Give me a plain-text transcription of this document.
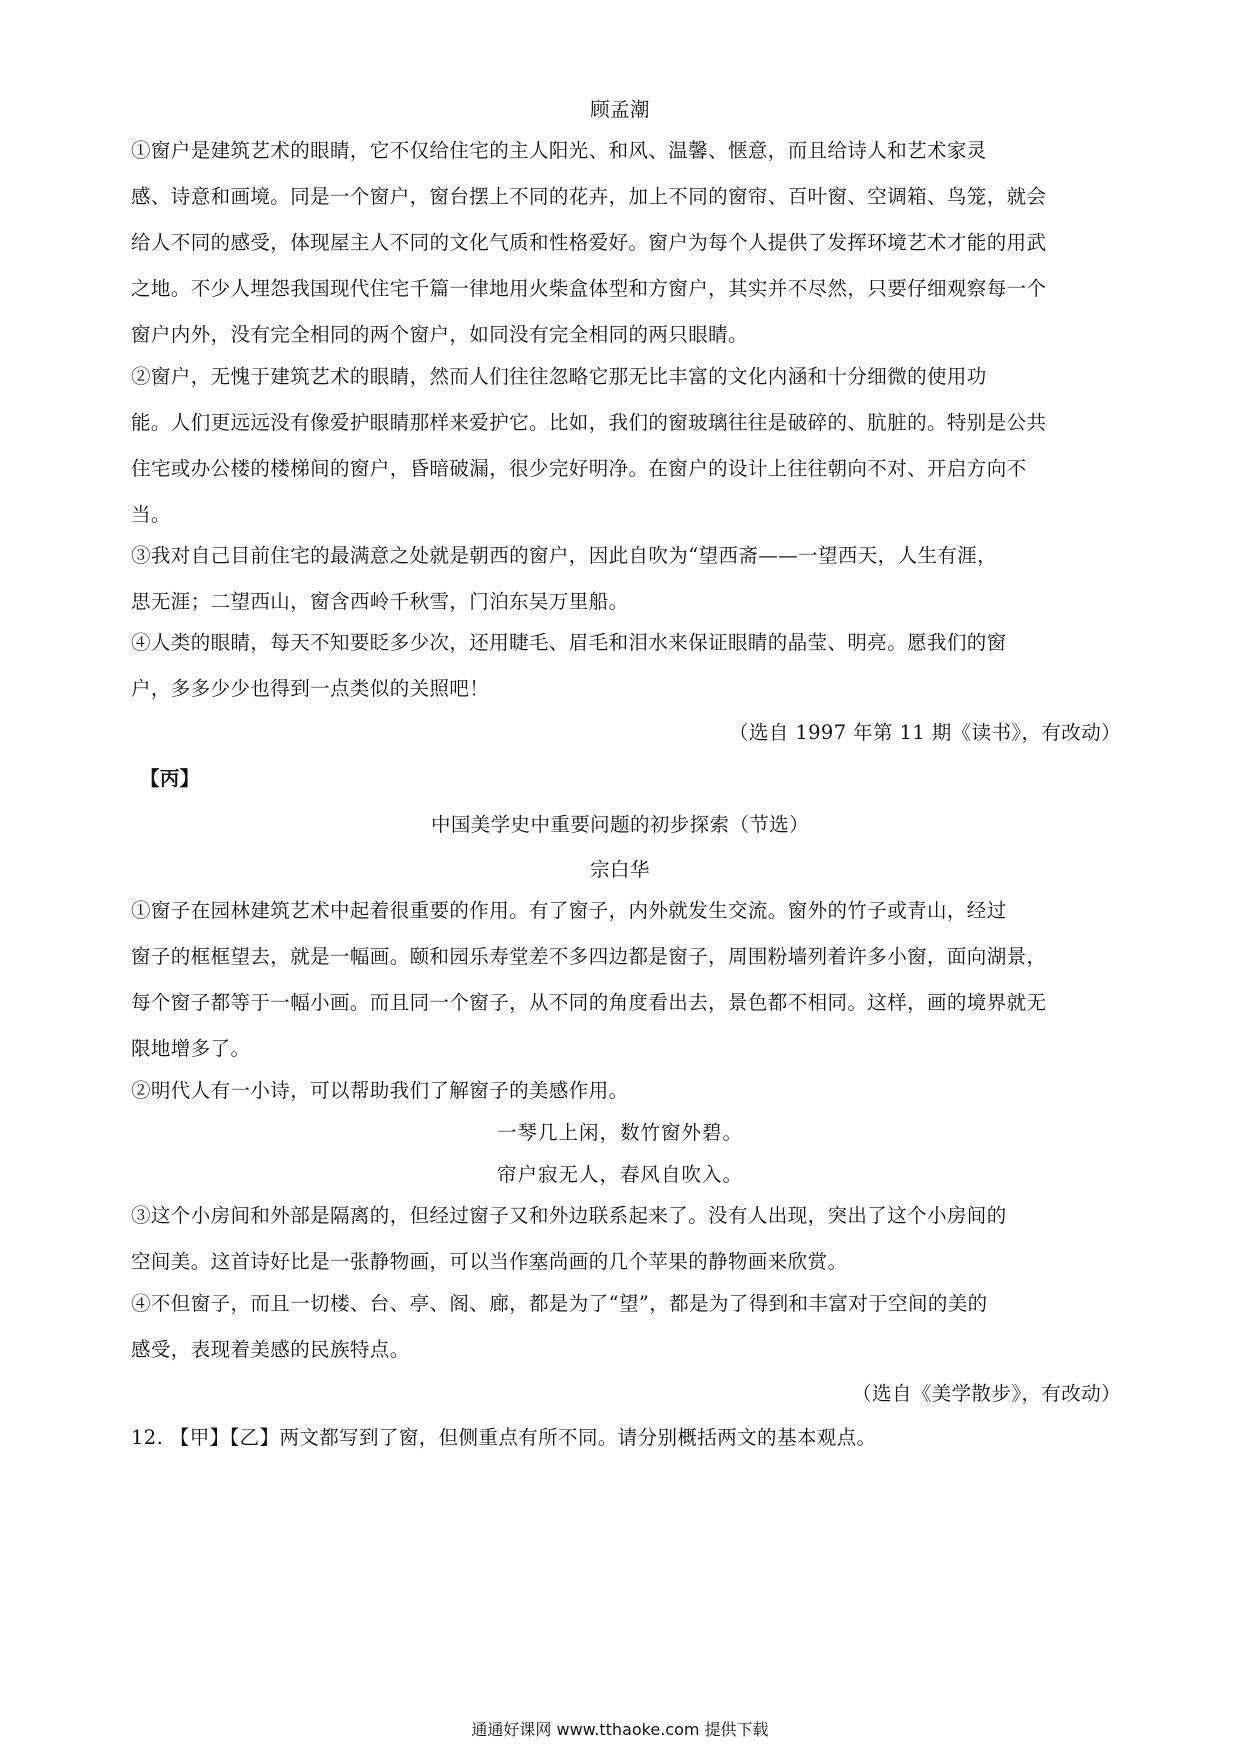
顾孟潮
①窗户是建筑艺术的眼睛，它不仅给住宅的主人阳光、和风、温馨、惬意，而且给诗人和艺术家灵
感、诗意和画境。同是一个窗户，窗台摆上不同的花卉，加上不同的窗帘、百叶窗、空调箱、鸟笼，就会
给人不同的感受，体现屋主人不同的文化气质和性格爱好。窗户为每个人提供了发挥环境艺术才能的用武
之地。不少人埋怨我国现代住宅千篇一律地用火柴盒体型和方窗户，其实并不尽然，只要仔细观察每一个
窗户内外，没有完全相同的两个窗户，如同没有完全相同的两只眼睛。
②窗户，无愧于建筑艺术的眼睛，然而人们往往忽略它那无比丰富的文化内涵和十分细微的使用功
能。人们更远远没有像爱护眼睛那样来爱护它。比如，我们的窗玻璃往往是破碎的、肮脏的。特别是公共
住宅或办公楼的楼梯间的窗户，昏暗破漏，很少完好明净。在窗户的设计上往往朝向不对、开启方向不
当。
③我对自己目前住宅的最满意之处就是朝西的窗户，因此自吹为“望西斋——一望西天，人生有涯，
思无涯；二望西山，窗含西岭千秋雪，门泊东吴万里船。
④人类的眼睛，每天不知要眨多少次，还用睫毛、眉毛和泪水来保证眼睛的晶莹、明亮。愿我们的窗
户，多多少少也得到一点类似的关照吧！
（选自 1997 年第 11 期《读书》，有改动）
【丙】
中国美学史中重要问题的初步探索（节选）
宗白华
①窗子在园林建筑艺术中起着很重要的作用。有了窗子，内外就发生交流。窗外的竹子或青山，经过
窗子的框框望去，就是一幅画。颐和园乐寿堂差不多四边都是窗子，周围粉墙列着许多小窗，面向湖景，
每个窗子都等于一幅小画。而且同一个窗子，从不同的角度看出去，景色都不相同。这样，画的境界就无
限地增多了。
②明代人有一小诗，可以帮助我们了解窗子的美感作用。
一琴几上闲，数竹窗外碧。
帘户寂无人，春风自吹入。
③这个小房间和外部是隔离的，但经过窗子又和外边联系起来了。没有人出现，突出了这个小房间的
空间美。这首诗好比是一张静物画，可以当作塞尚画的几个苹果的静物画来欣赏。
④不但窗子，而且一切楼、台、亭、阁、廊，都是为了“望”，都是为了得到和丰富对于空间的美的
感受，表现着美感的民族特点。
（选自《美学散步》，有改动）
12. 【甲】【乙】两文都写到了窗，但侧重点有所不同。请分别概括两文的基本观点。
通通好课网 www.tthaoke.com 提供下载
